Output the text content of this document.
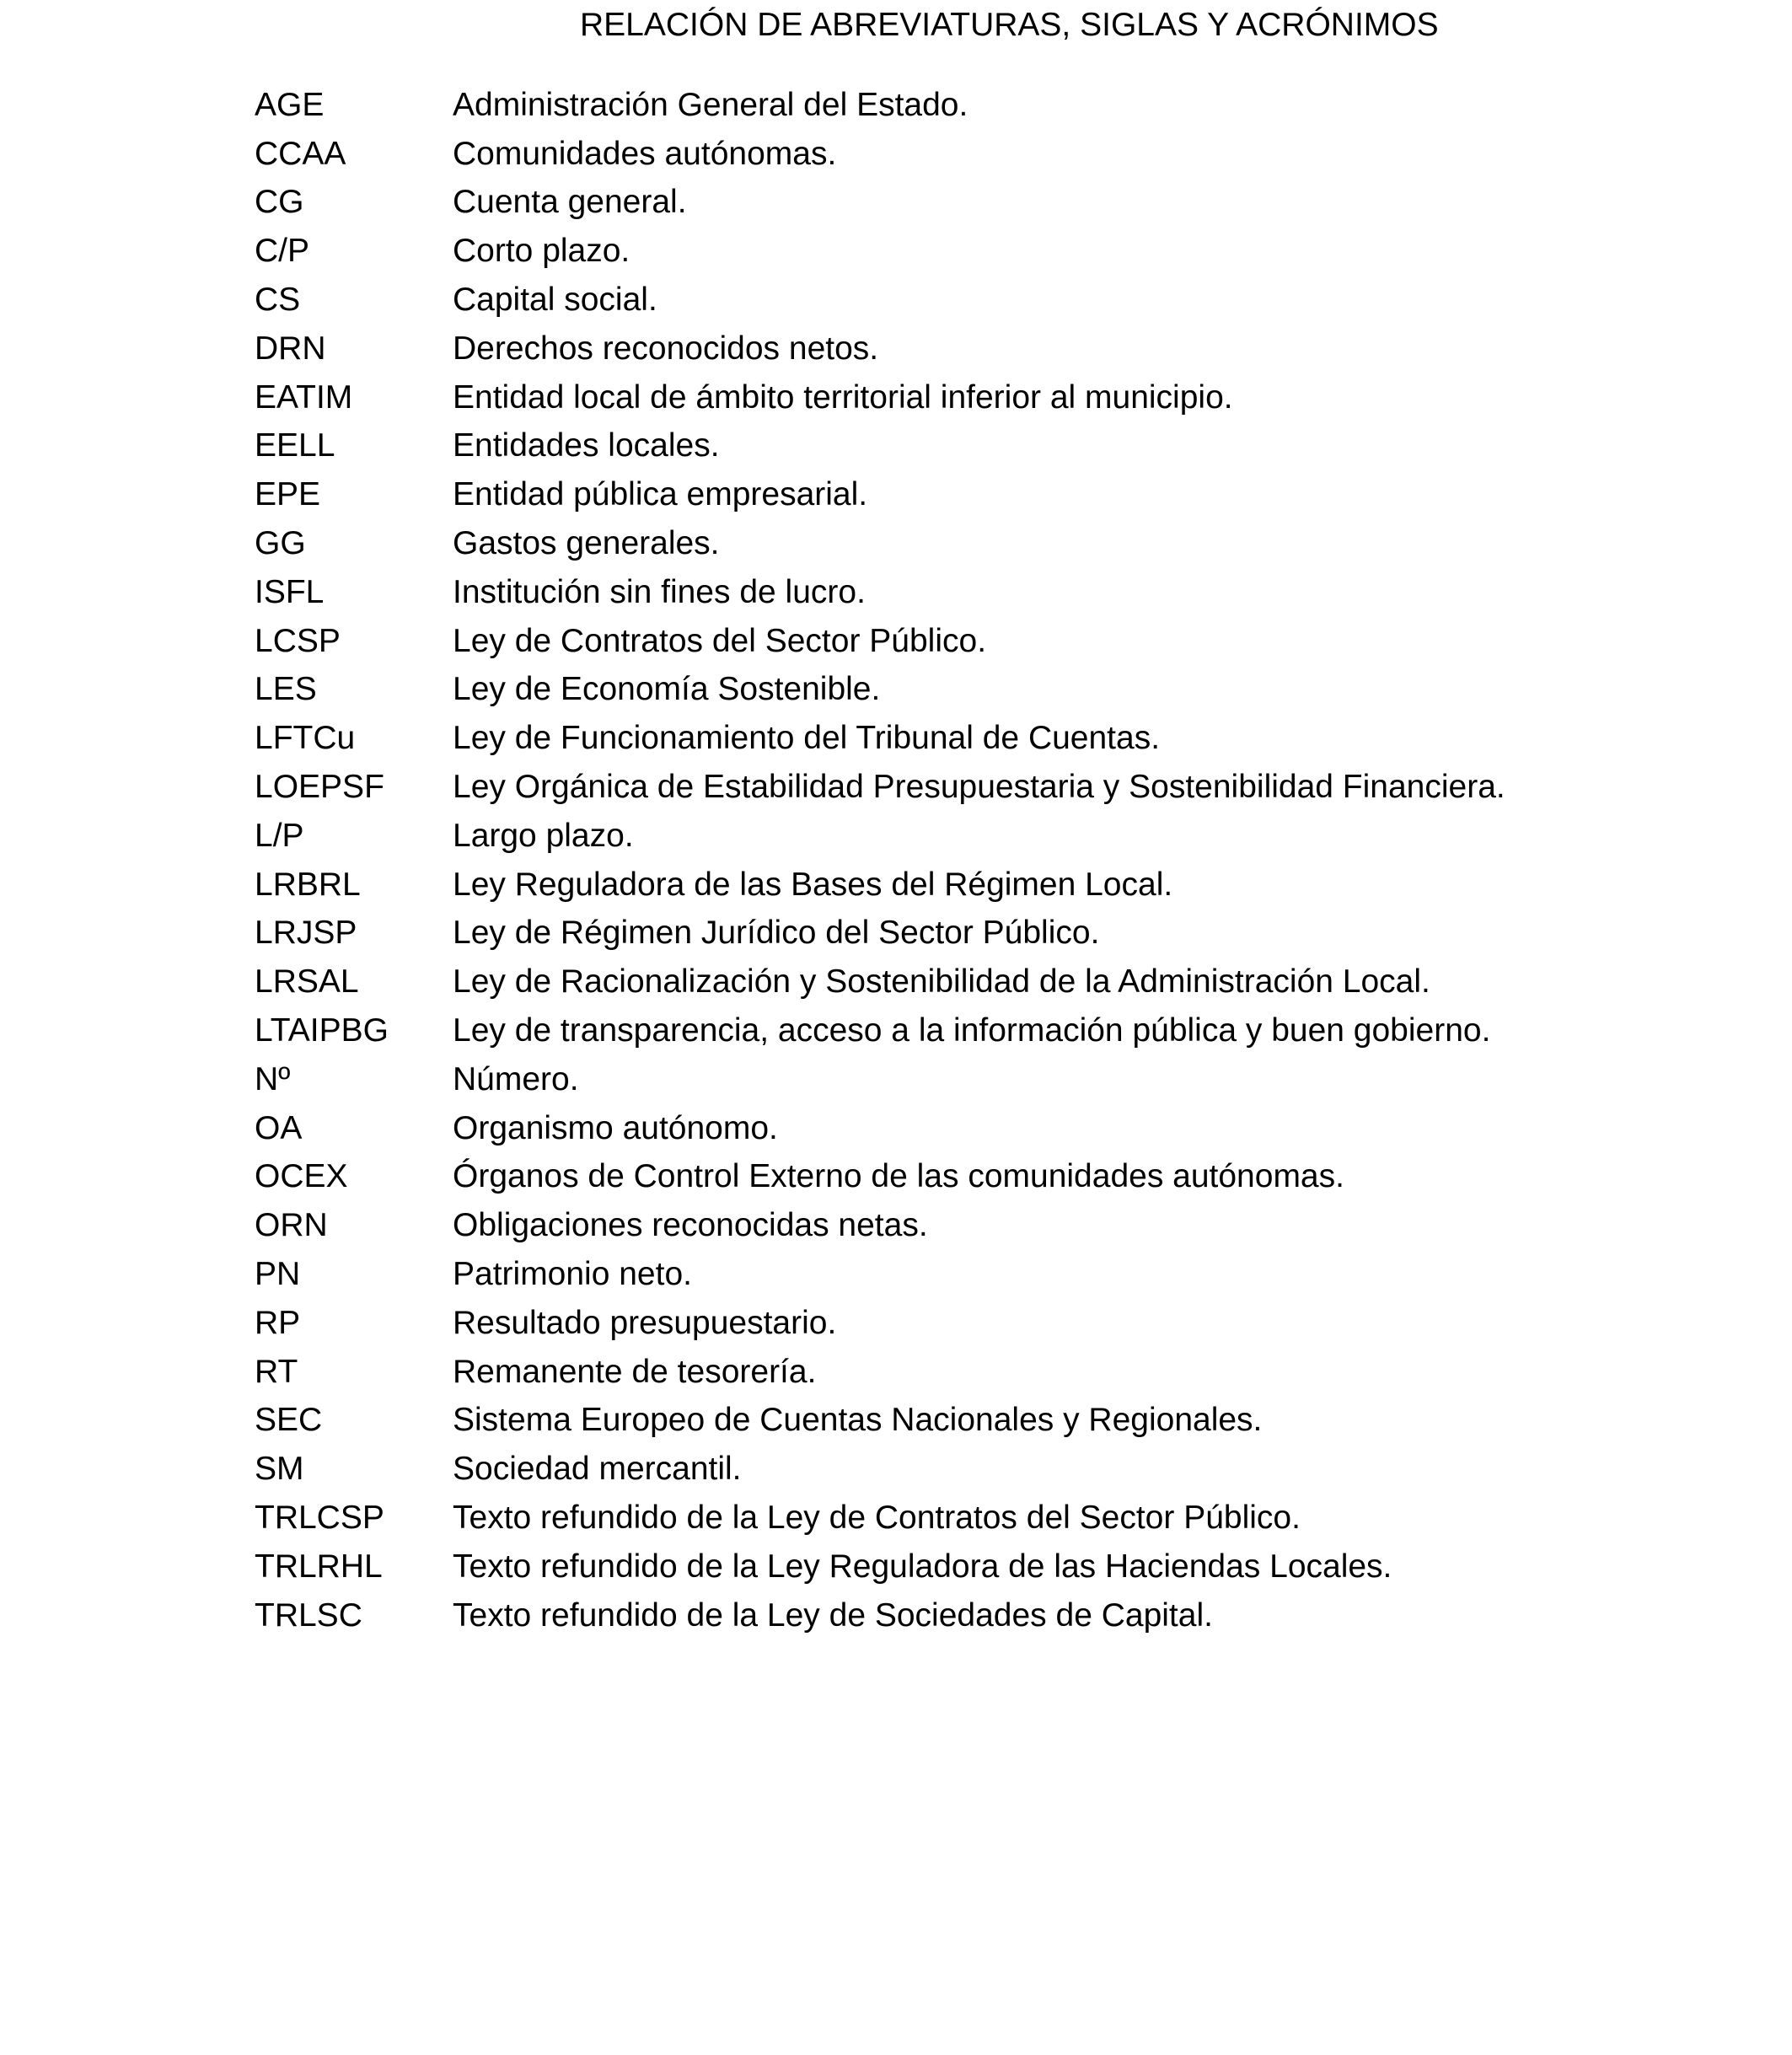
RELACIÓN DE ABREVIATURAS, SIGLAS Y ACRÓNIMOS
AGE	Administración General del Estado.
CCAA	Comunidades autónomas.
CG	Cuenta general.
C/P	Corto plazo.
CS	Capital social.
DRN	Derechos reconocidos netos.
EATIM	Entidad local de ámbito territorial inferior al municipio.
EELL	Entidades locales.
EPE	Entidad pública empresarial.
GG	Gastos generales.
ISFL	Institución sin fines de lucro.
LCSP	Ley de Contratos del Sector Público.
LES	Ley de Economía Sostenible.
LFTCu	Ley de Funcionamiento del Tribunal de Cuentas.
LOEPSF	Ley Orgánica de Estabilidad Presupuestaria y Sostenibilidad Financiera.
L/P	Largo plazo.
LRBRL	Ley Reguladora de las Bases del Régimen Local.
LRJSP	Ley de Régimen Jurídico del Sector Público.
LRSAL	Ley de Racionalización y Sostenibilidad de la Administración Local.
LTAIPBG	Ley de transparencia, acceso a la información pública y buen gobierno.
Nº	Número.
OA	Organismo autónomo.
OCEX	Órganos de Control Externo de las comunidades autónomas.
ORN	Obligaciones reconocidas netas.
PN	Patrimonio neto.
RP	Resultado presupuestario.
RT	Remanente de tesorería.
SEC	Sistema Europeo de Cuentas Nacionales y Regionales.
SM	Sociedad mercantil.
TRLCSP	Texto refundido de la Ley de Contratos del Sector Público.
TRLRHL	Texto refundido de la Ley Reguladora de las Haciendas Locales.
TRLSC	Texto refundido de la Ley de Sociedades de Capital.
